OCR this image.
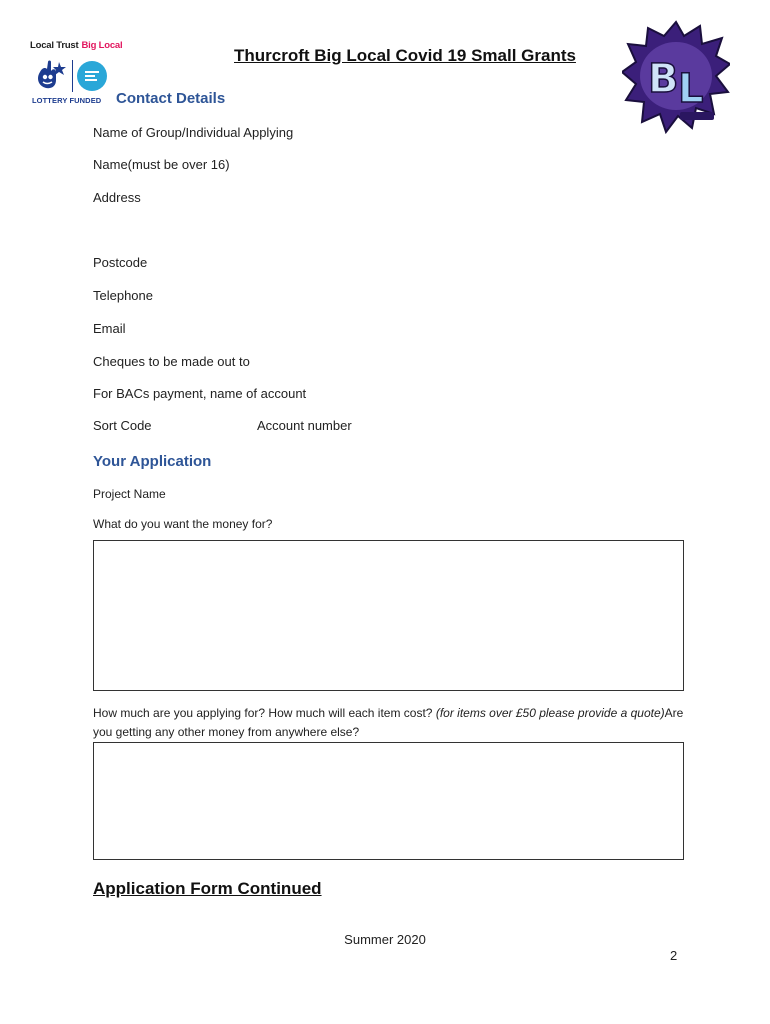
Local Trust Big Local
LOTTERY FUNDED
Thurcroft Big Local Covid 19 Small Grants
B L
Contact Details
Name of Group/Individual Applying
Name(must be over 16)
Address
Postcode
Telephone
Email
Cheques to be made out to
For BACs payment, name of account
Sort Code	Account number
Your Application
Project Name
What do you want the money for?
How much are you applying for? How much will each item cost? (for items over £50 please provide a quote)Are you getting any other money from anywhere else?
Application Form Continued
Summer 2020
2
